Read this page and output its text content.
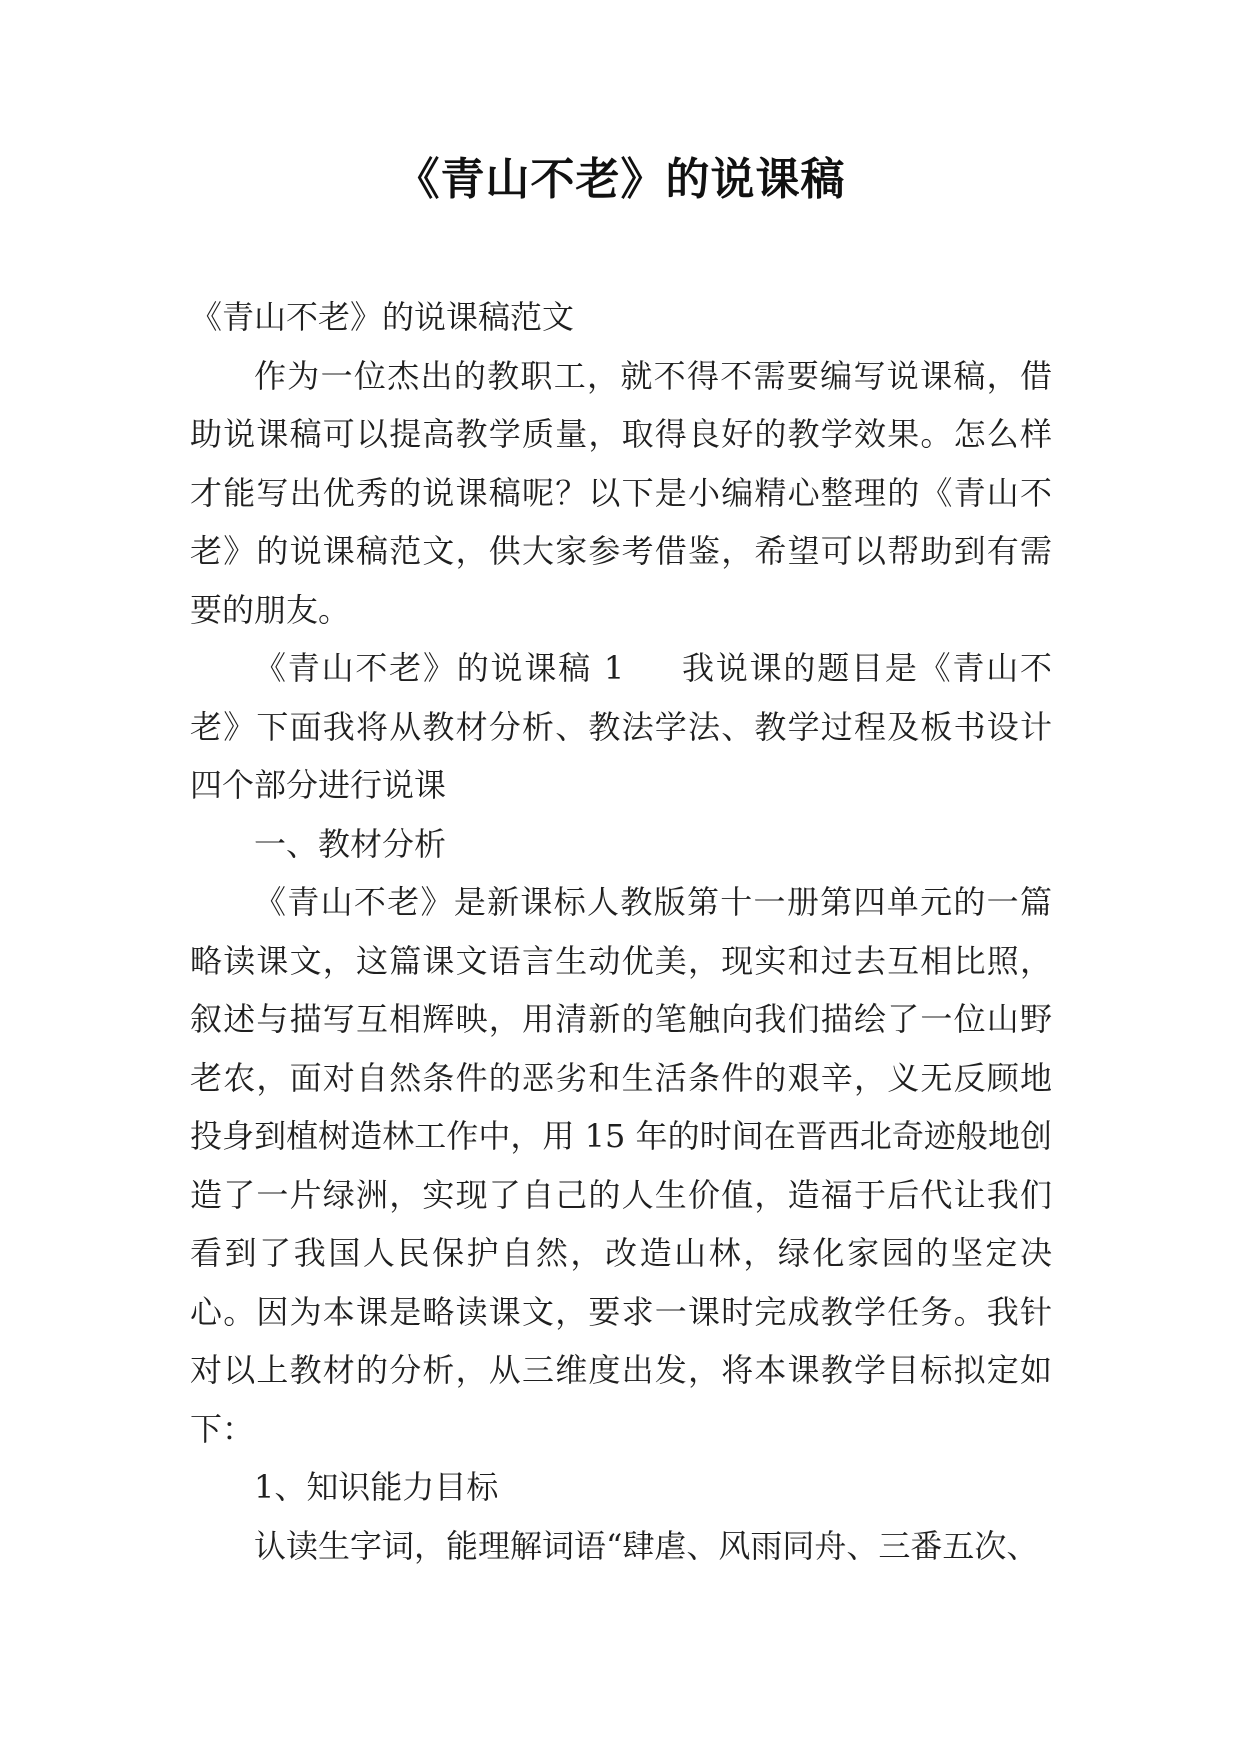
《青山不老》的说课稿

《青山不老》的说课稿范文

作为一位杰出的教职工，就不得不需要编写说课稿，借助说课稿可以提高教学质量，取得良好的教学效果。怎么样才能写出优秀的说课稿呢？以下是小编精心整理的《青山不老》的说课稿范文，供大家参考借鉴，希望可以帮助到有需要的朋友。

《青山不老》的说课稿 1 我说课的题目是《青山不老》下面我将从教材分析、教法学法、教学过程及板书设计四个部分进行说课

一、教材分析

《青山不老》是新课标人教版第十一册第四单元的一篇略读课文，这篇课文语言生动优美，现实和过去互相比照，叙述与描写互相辉映，用清新的笔触向我们描绘了一位山野老农，面对自然条件的恶劣和生活条件的艰辛，义无反顾地投身到植树造林工作中，用 15 年的时间在晋西北奇迹般地创造了一片绿洲，实现了自己的人生价值，造福于后代让我们看到了我国人民保护自然，改造山林，绿化家园的坚定决心。因为本课是略读课文，要求一课时完成教学任务。我针对以上教材的分析，从三维度出发，将本课教学目标拟定如下：

1、知识能力目标

认读生字词，能理解词语“肆虐、风雨同舟、三番五次、
